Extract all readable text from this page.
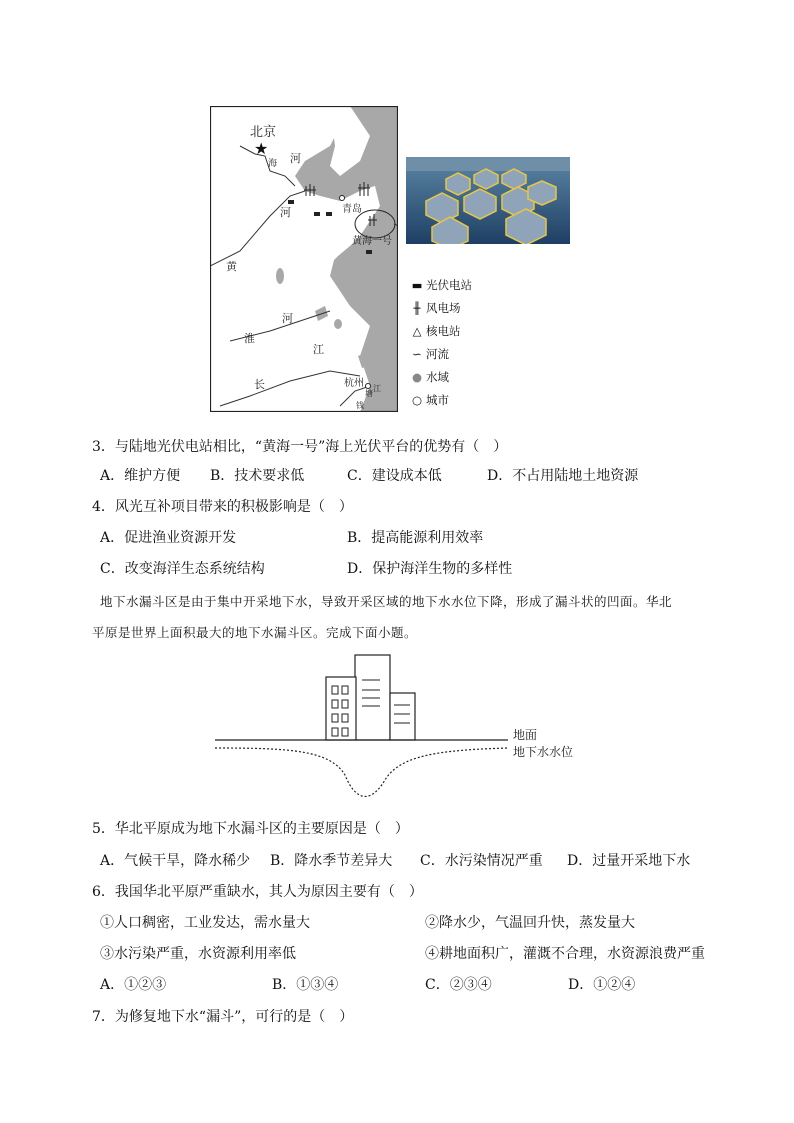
★
北京
海 河
河	青岛
黄海一号
黄
淮
河
江
长	杭州 江
塘
钱
▬ 光伏电站
╫ 风电场
△ 核电站
∽ 河流
● 水域
○ 城市
3．与陆地光伏电站相比，“黄海一号”海上光伏平台的优势有（　）
A．维护方便 B．技术要求低	C．建设成本低	D．不占用陆地土地资源
4．风光互补项目带来的积极影响是（　）
A．促进渔业资源开发	B．提高能源利用效率
C．改变海洋生态系统结构	D．保护海洋生物的多样性
地下水漏斗区是由于集中开采地下水，导致开采区域的地下水水位下降，形成了漏斗状的凹面。华北
平原是世界上面积最大的地下水漏斗区。完成下面小题。
地面
地下水水位
5．华北平原成为地下水漏斗区的主要原因是（　）
A．气候干旱，降水稀少 B．降水季节差异大 C．水污染情况严重 D．过量开采地下水
6．我国华北平原严重缺水，其人为原因主要有（　）
①人口稠密，工业发达，需水量大	②降水少，气温回升快，蒸发量大
③水污染严重，水资源利用率低	④耕地面积广，灌溉不合理，水资源浪费严重
A．①②③	B．①③④	C．②③④	D．①②④
7．为修复地下水“漏斗”，可行的是（　）
